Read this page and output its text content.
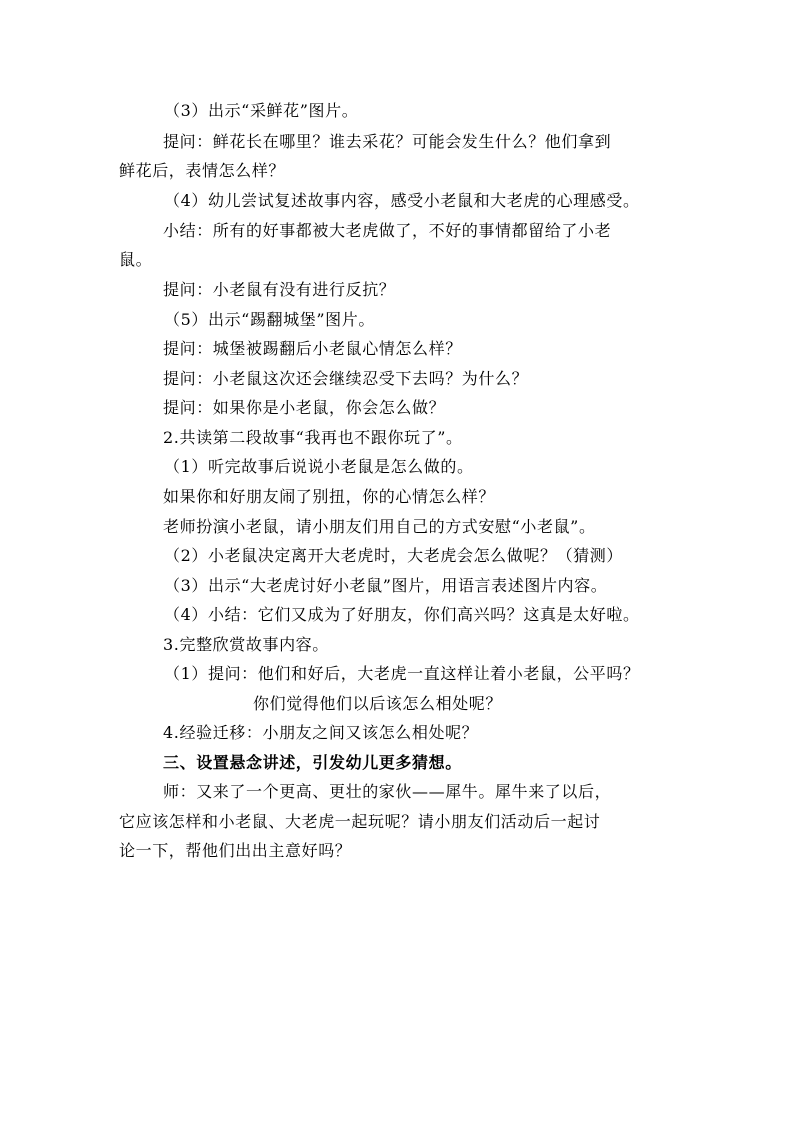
（3）出示“采鲜花”图片。
提问：鲜花长在哪里？谁去采花？可能会发生什么？他们拿到
鲜花后，表情怎么样？
（4）幼儿尝试复述故事内容，感受小老鼠和大老虎的心理感受。
小结：所有的好事都被大老虎做了，不好的事情都留给了小老
鼠。
提问：小老鼠有没有进行反抗？
（5）出示“踢翻城堡”图片。
提问：城堡被踢翻后小老鼠心情怎么样？
提问：小老鼠这次还会继续忍受下去吗？为什么？
提问：如果你是小老鼠，你会怎么做？
2.共读第二段故事“我再也不跟你玩了”。
（1）听完故事后说说小老鼠是怎么做的。
如果你和好朋友闹了别扭，你的心情怎么样？
老师扮演小老鼠，请小朋友们用自己的方式安慰“小老鼠”。
（2）小老鼠决定离开大老虎时，大老虎会怎么做呢？（猜测）
（3）出示“大老虎讨好小老鼠”图片，用语言表述图片内容。
（4）小结：它们又成为了好朋友，你们高兴吗？这真是太好啦。
3.完整欣赏故事内容。
（1）提问：他们和好后，大老虎一直这样让着小老鼠，公平吗？
你们觉得他们以后该怎么相处呢？
4.经验迁移：小朋友之间又该怎么相处呢？
三、设置悬念讲述，引发幼儿更多猜想。
师：又来了一个更高、更壮的家伙——犀牛。犀牛来了以后，
它应该怎样和小老鼠、大老虎一起玩呢？请小朋友们活动后一起讨
论一下，帮他们出出主意好吗？
